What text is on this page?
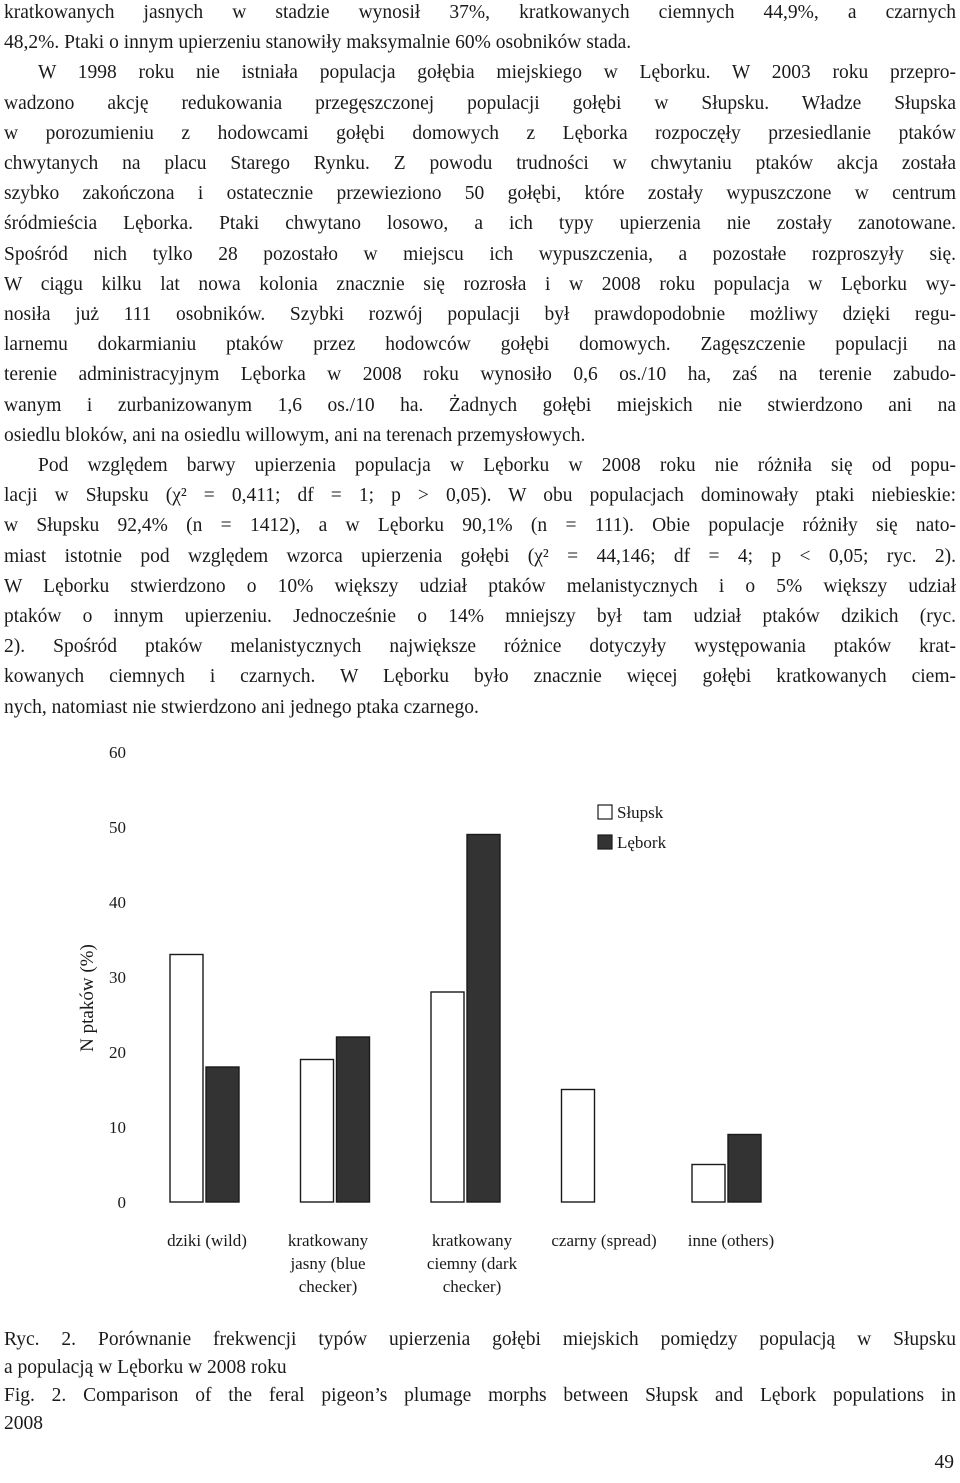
kratkowanych jasnych w stadzie wynosił 37%, kratkowanych ciemnych 44,9%, a czarnych
48,2%. Ptaki o innym upierzeniu stanowiły maksymalnie 60% osobników stada.
W 1998 roku nie istniała populacja gołębia miejskiego w Lęborku. W 2003 roku przepro-
wadzono akcję redukowania przegęszczonej populacji gołębi w Słupsku. Władze Słupska
w porozumieniu z hodowcami gołębi domowych z Lęborka rozpoczęły przesiedlanie ptaków
chwytanych na placu Starego Rynku. Z powodu trudności w chwytaniu ptaków akcja została
szybko zakończona i ostatecznie przewieziono 50 gołębi, które zostały wypuszczone w centrum
śródmieścia Lęborka. Ptaki chwytano losowo, a ich typy upierzenia nie zostały zanotowane.
Spośród nich tylko 28 pozostało w miejscu ich wypuszczenia, a pozostałe rozproszyły się.
W ciągu kilku lat nowa kolonia znacznie się rozrosła i w 2008 roku populacja w Lęborku wy-
nosiła już 111 osobników. Szybki rozwój populacji był prawdopodobnie możliwy dzięki regu-
larnemu dokarmianiu ptaków przez hodowców gołębi domowych. Zagęszczenie populacji na
terenie administracyjnym Lęborka w 2008 roku wynosiło 0,6 os./10 ha, zaś na terenie zabudo-
wanym i zurbanizowanym 1,6 os./10 ha. Żadnych gołębi miejskich nie stwierdzono ani na
osiedlu bloków, ani na osiedlu willowym, ani na terenach przemysłowych.
Pod względem barwy upierzenia populacja w Lęborku w 2008 roku nie różniła się od popu-
lacji w Słupsku (χ² = 0,411; df = 1; p > 0,05). W obu populacjach dominowały ptaki niebieskie:
w Słupsku 92,4% (n = 1412), a w Lęborku 90,1% (n = 111). Obie populacje różniły się nato-
miast istotnie pod względem wzorca upierzenia gołębi (χ² = 44,146; df = 4; p < 0,05; ryc. 2).
W Lęborku stwierdzono o 10% większy udział ptaków melanistycznych i o 5% większy udział
ptaków o innym upierzeniu. Jednocześnie o 14% mniejszy był tam udział ptaków dzikich (ryc.
2). Spośród ptaków melanistycznych największe różnice dotyczyły występowania ptaków krat-
kowanych ciemnych i czarnych. W Lęborku było znacznie więcej gołębi kratkowanych ciem-
nych, natomiast nie stwierdzono ani jednego ptaka czarnego.
0
10
20
30
40
50
60
dziki (wild) kratkowany
jasny (blue
checker)
kratkowany
ciemny (dark
checker)
czarny (spread) inne (others)
Słupsk
Lębork
N ptaków (%)
Ryc. 2. Porównanie frekwencji typów upierzenia gołębi miejskich pomiędzy populacją w Słupsku
a populacją w Lęborku w 2008 roku
Fig. 2. Comparison of the feral pigeon’s plumage morphs between Słupsk and Lębork populations in
2008
49
